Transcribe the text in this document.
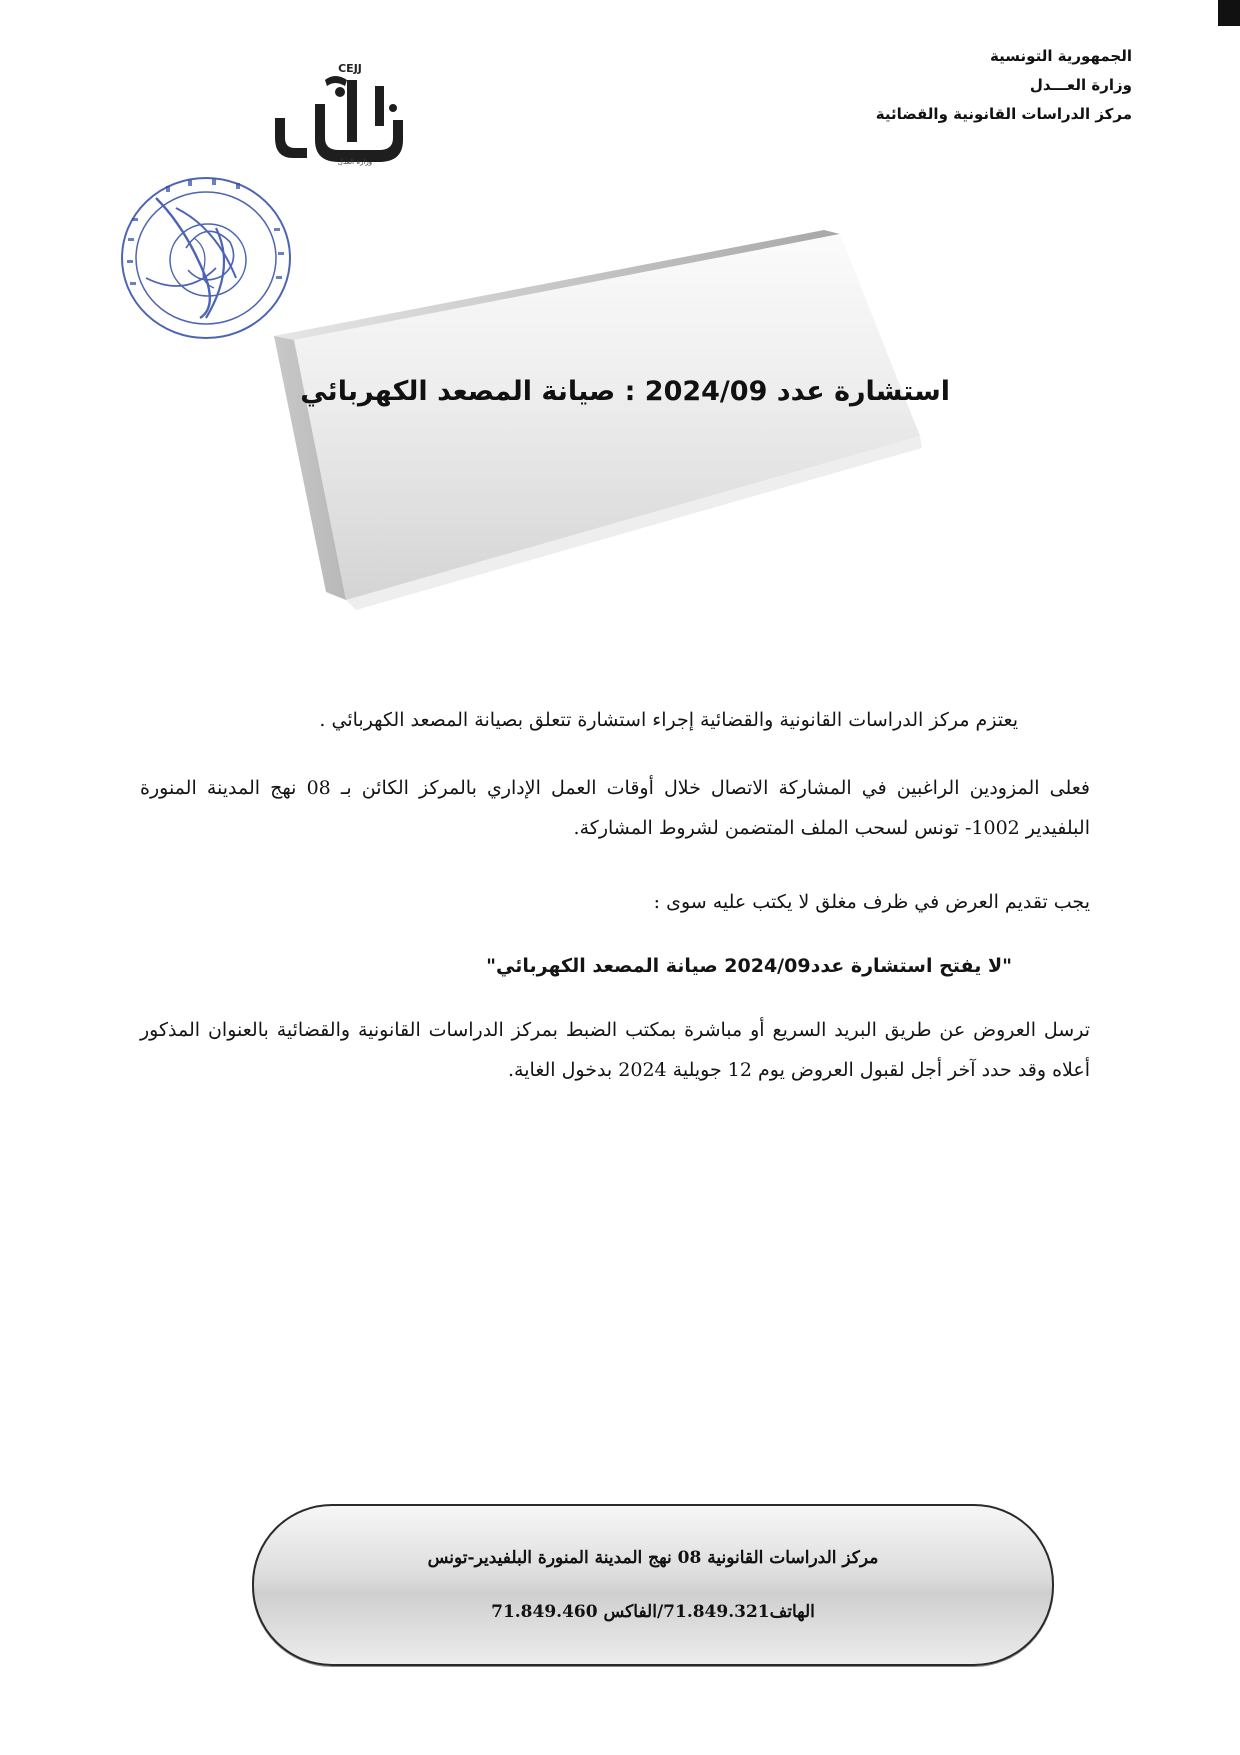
الجمهورية التونسية
وزارة العـــدل
مركز الدراسات القانونية والقضائية
CEJJ
وزارة العدل
استشارة عدد 2024/09 : صيانة المصعد الكهربائي
يعتزم مركز الدراسات القانونية والقضائية إجراء استشارة تتعلق بصيانة المصعد الكهربائي .
فعلى المزودين الراغبين في المشاركة الاتصال خلال أوقات العمل الإداري بالمركز الكائن بـ 08 نهج المدينة المنورة البلفيدير 1002- تونس لسحب الملف المتضمن لشروط المشاركة.
يجب تقديم العرض في ظرف مغلق لا يكتب عليه سوى :
"لا يفتح استشارة عدد2024/09 صيانة المصعد الكهربائي"
ترسل العروض عن طريق البريد السريع أو مباشرة بمكتب الضبط بمركز الدراسات القانونية والقضائية بالعنوان المذكور أعلاه وقد حدد آخر أجل لقبول العروض يوم 12 جويلية 2024 بدخول الغاية.
مركز الدراسات القانونية 08 نهج المدينة المنورة البلفيدير-تونس
الهاتف71.849.321/الفاكس 71.849.460
